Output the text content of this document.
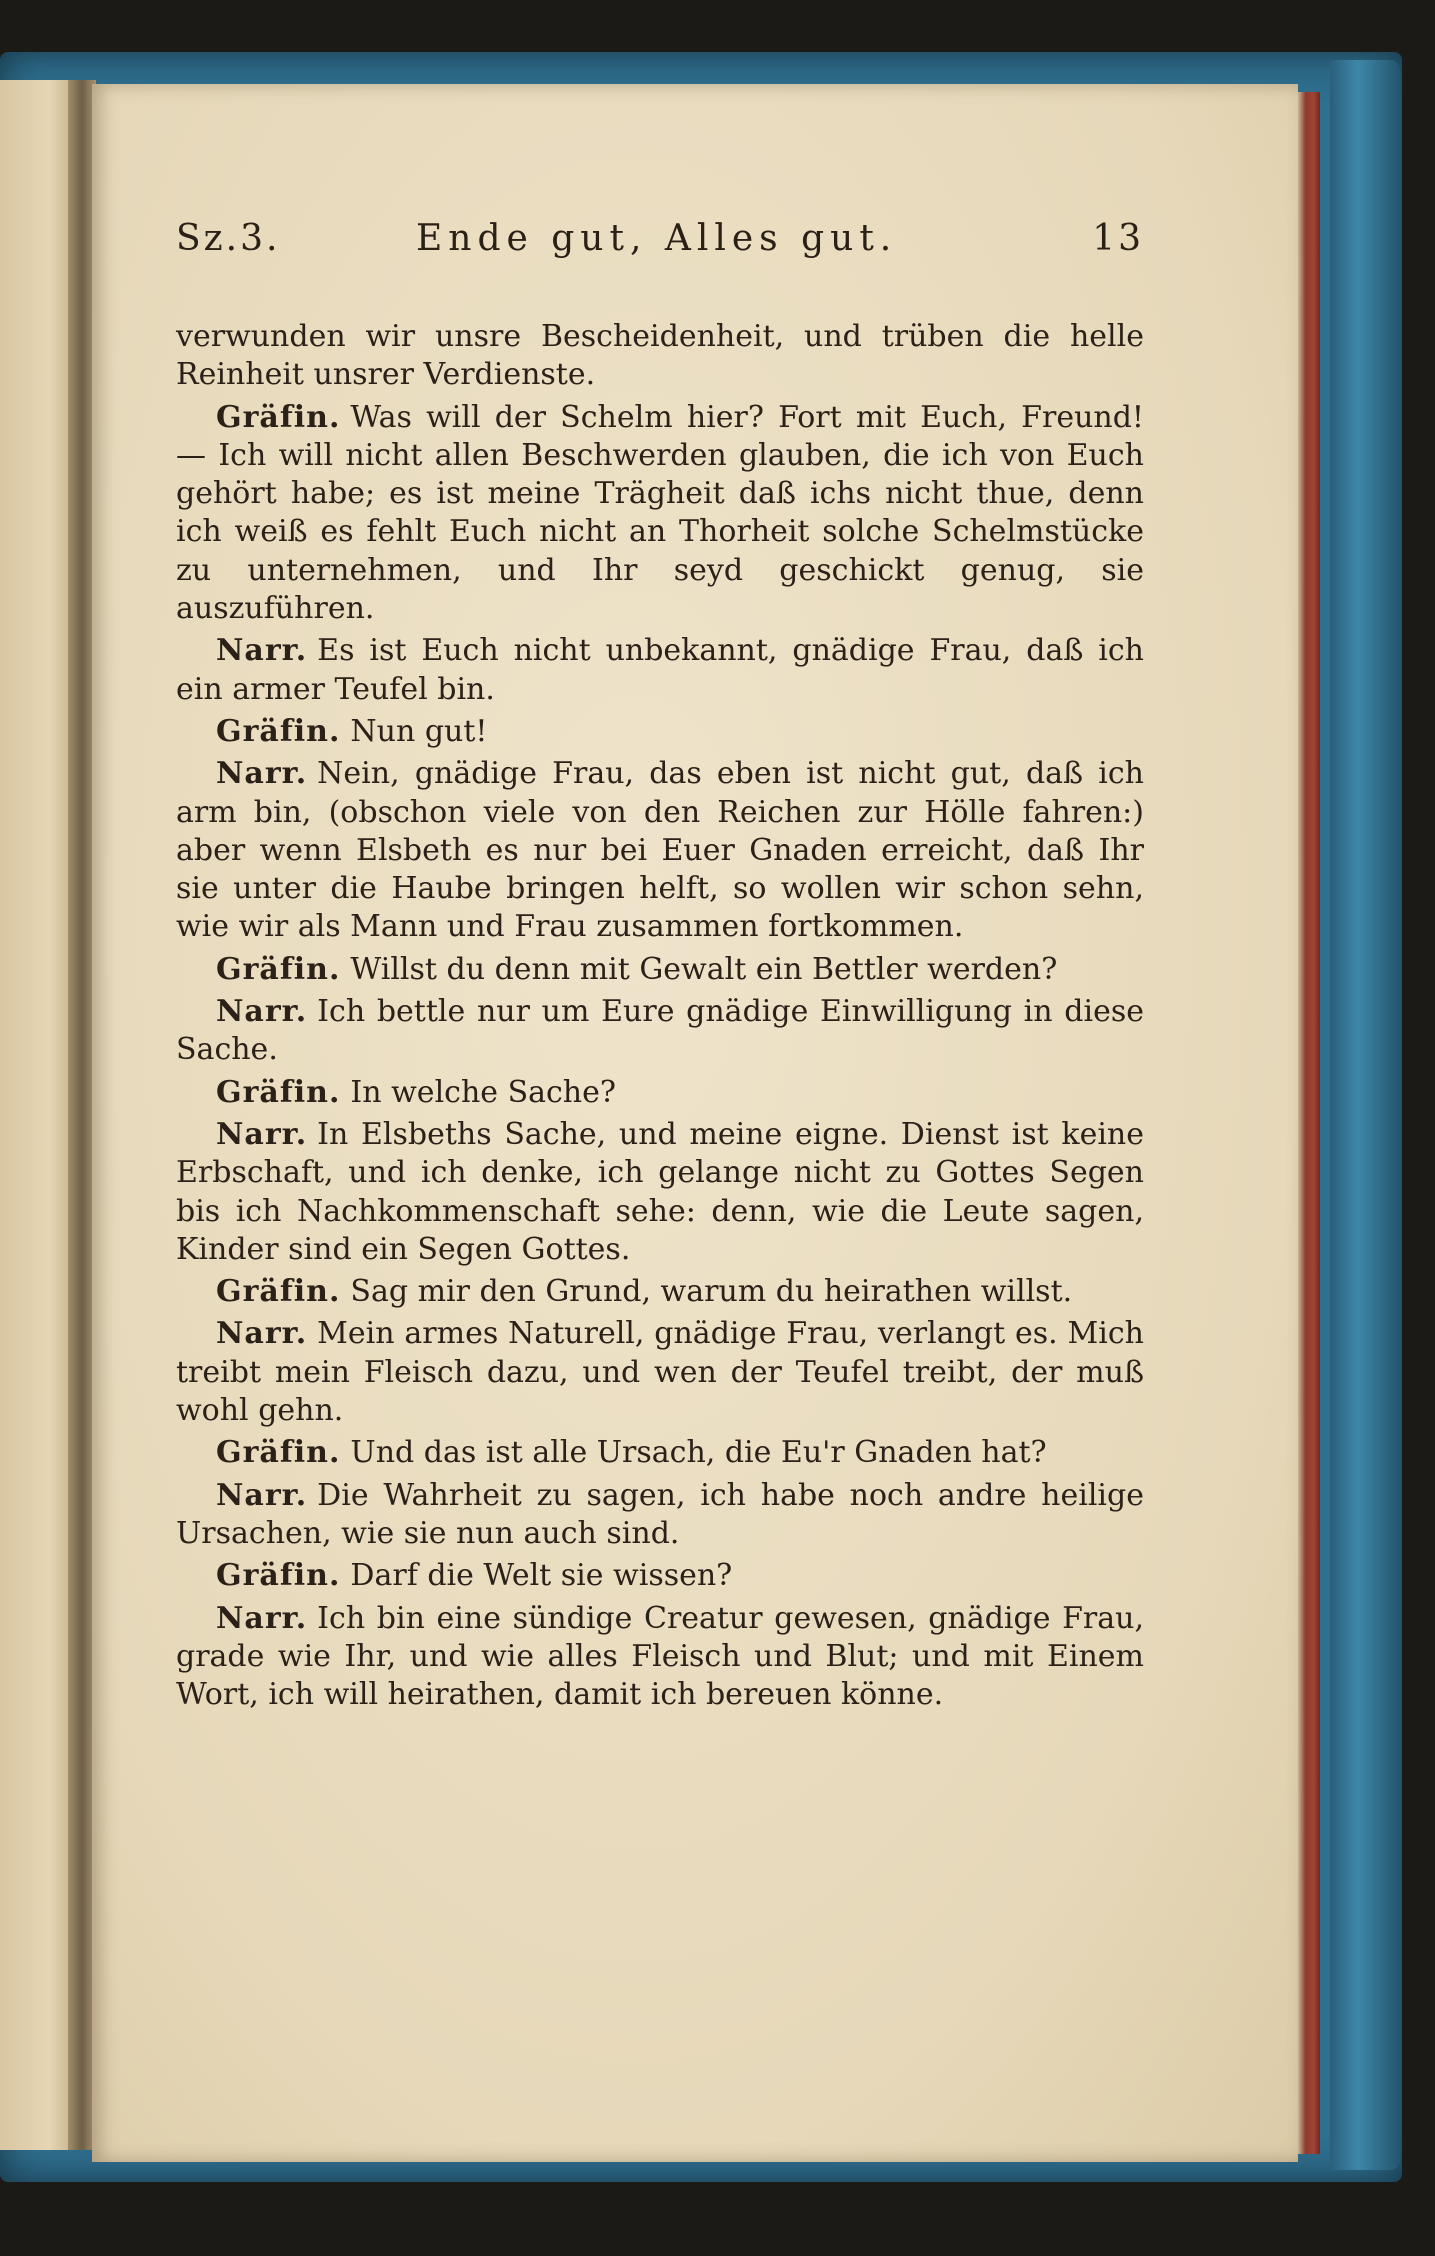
Sz.3.	Ende gut, Alles gut.	13

verwunden wir unsre Bescheidenheit, und trüben die helle Reinheit unsrer Verdienste.

Gräfin. Was will der Schelm hier? Fort mit Euch, Freund! — Ich will nicht allen Beschwerden glauben, die ich von Euch gehört habe; es ist meine Trägheit daß ichs nicht thue, denn ich weiß es fehlt Euch nicht an Thorheit solche Schelmstücke zu unternehmen, und Ihr seyd geschickt genug, sie auszuführen.

Narr. Es ist Euch nicht unbekannt, gnädige Frau, daß ich ein armer Teufel bin.

Gräfin. Nun gut!

Narr. Nein, gnädige Frau, das eben ist nicht gut, daß ich arm bin, (obschon viele von den Reichen zur Hölle fahren:) aber wenn Elsbeth es nur bei Euer Gnaden erreicht, daß Ihr sie unter die Haube bringen helft, so wollen wir schon sehn, wie wir als Mann und Frau zusammen fortkommen.

Gräfin. Willst du denn mit Gewalt ein Bettler werden?

Narr. Ich bettle nur um Eure gnädige Einwilligung in diese Sache.

Gräfin. In welche Sache?

Narr. In Elsbeths Sache, und meine eigne. Dienst ist keine Erbschaft, und ich denke, ich gelange nicht zu Gottes Segen bis ich Nachkommenschaft sehe: denn, wie die Leute sagen, Kinder sind ein Segen Gottes.

Gräfin. Sag mir den Grund, warum du heirathen willst.

Narr. Mein armes Naturell, gnädige Frau, verlangt es. Mich treibt mein Fleisch dazu, und wen der Teufel treibt, der muß wohl gehn.

Gräfin. Und das ist alle Ursach, die Eu'r Gnaden hat?

Narr. Die Wahrheit zu sagen, ich habe noch andre heilige Ursachen, wie sie nun auch sind.

Gräfin. Darf die Welt sie wissen?

Narr. Ich bin eine sündige Creatur gewesen, gnädige Frau, grade wie Ihr, und wie alles Fleisch und Blut; und mit Einem Wort, ich will heirathen, damit ich bereuen könne.
